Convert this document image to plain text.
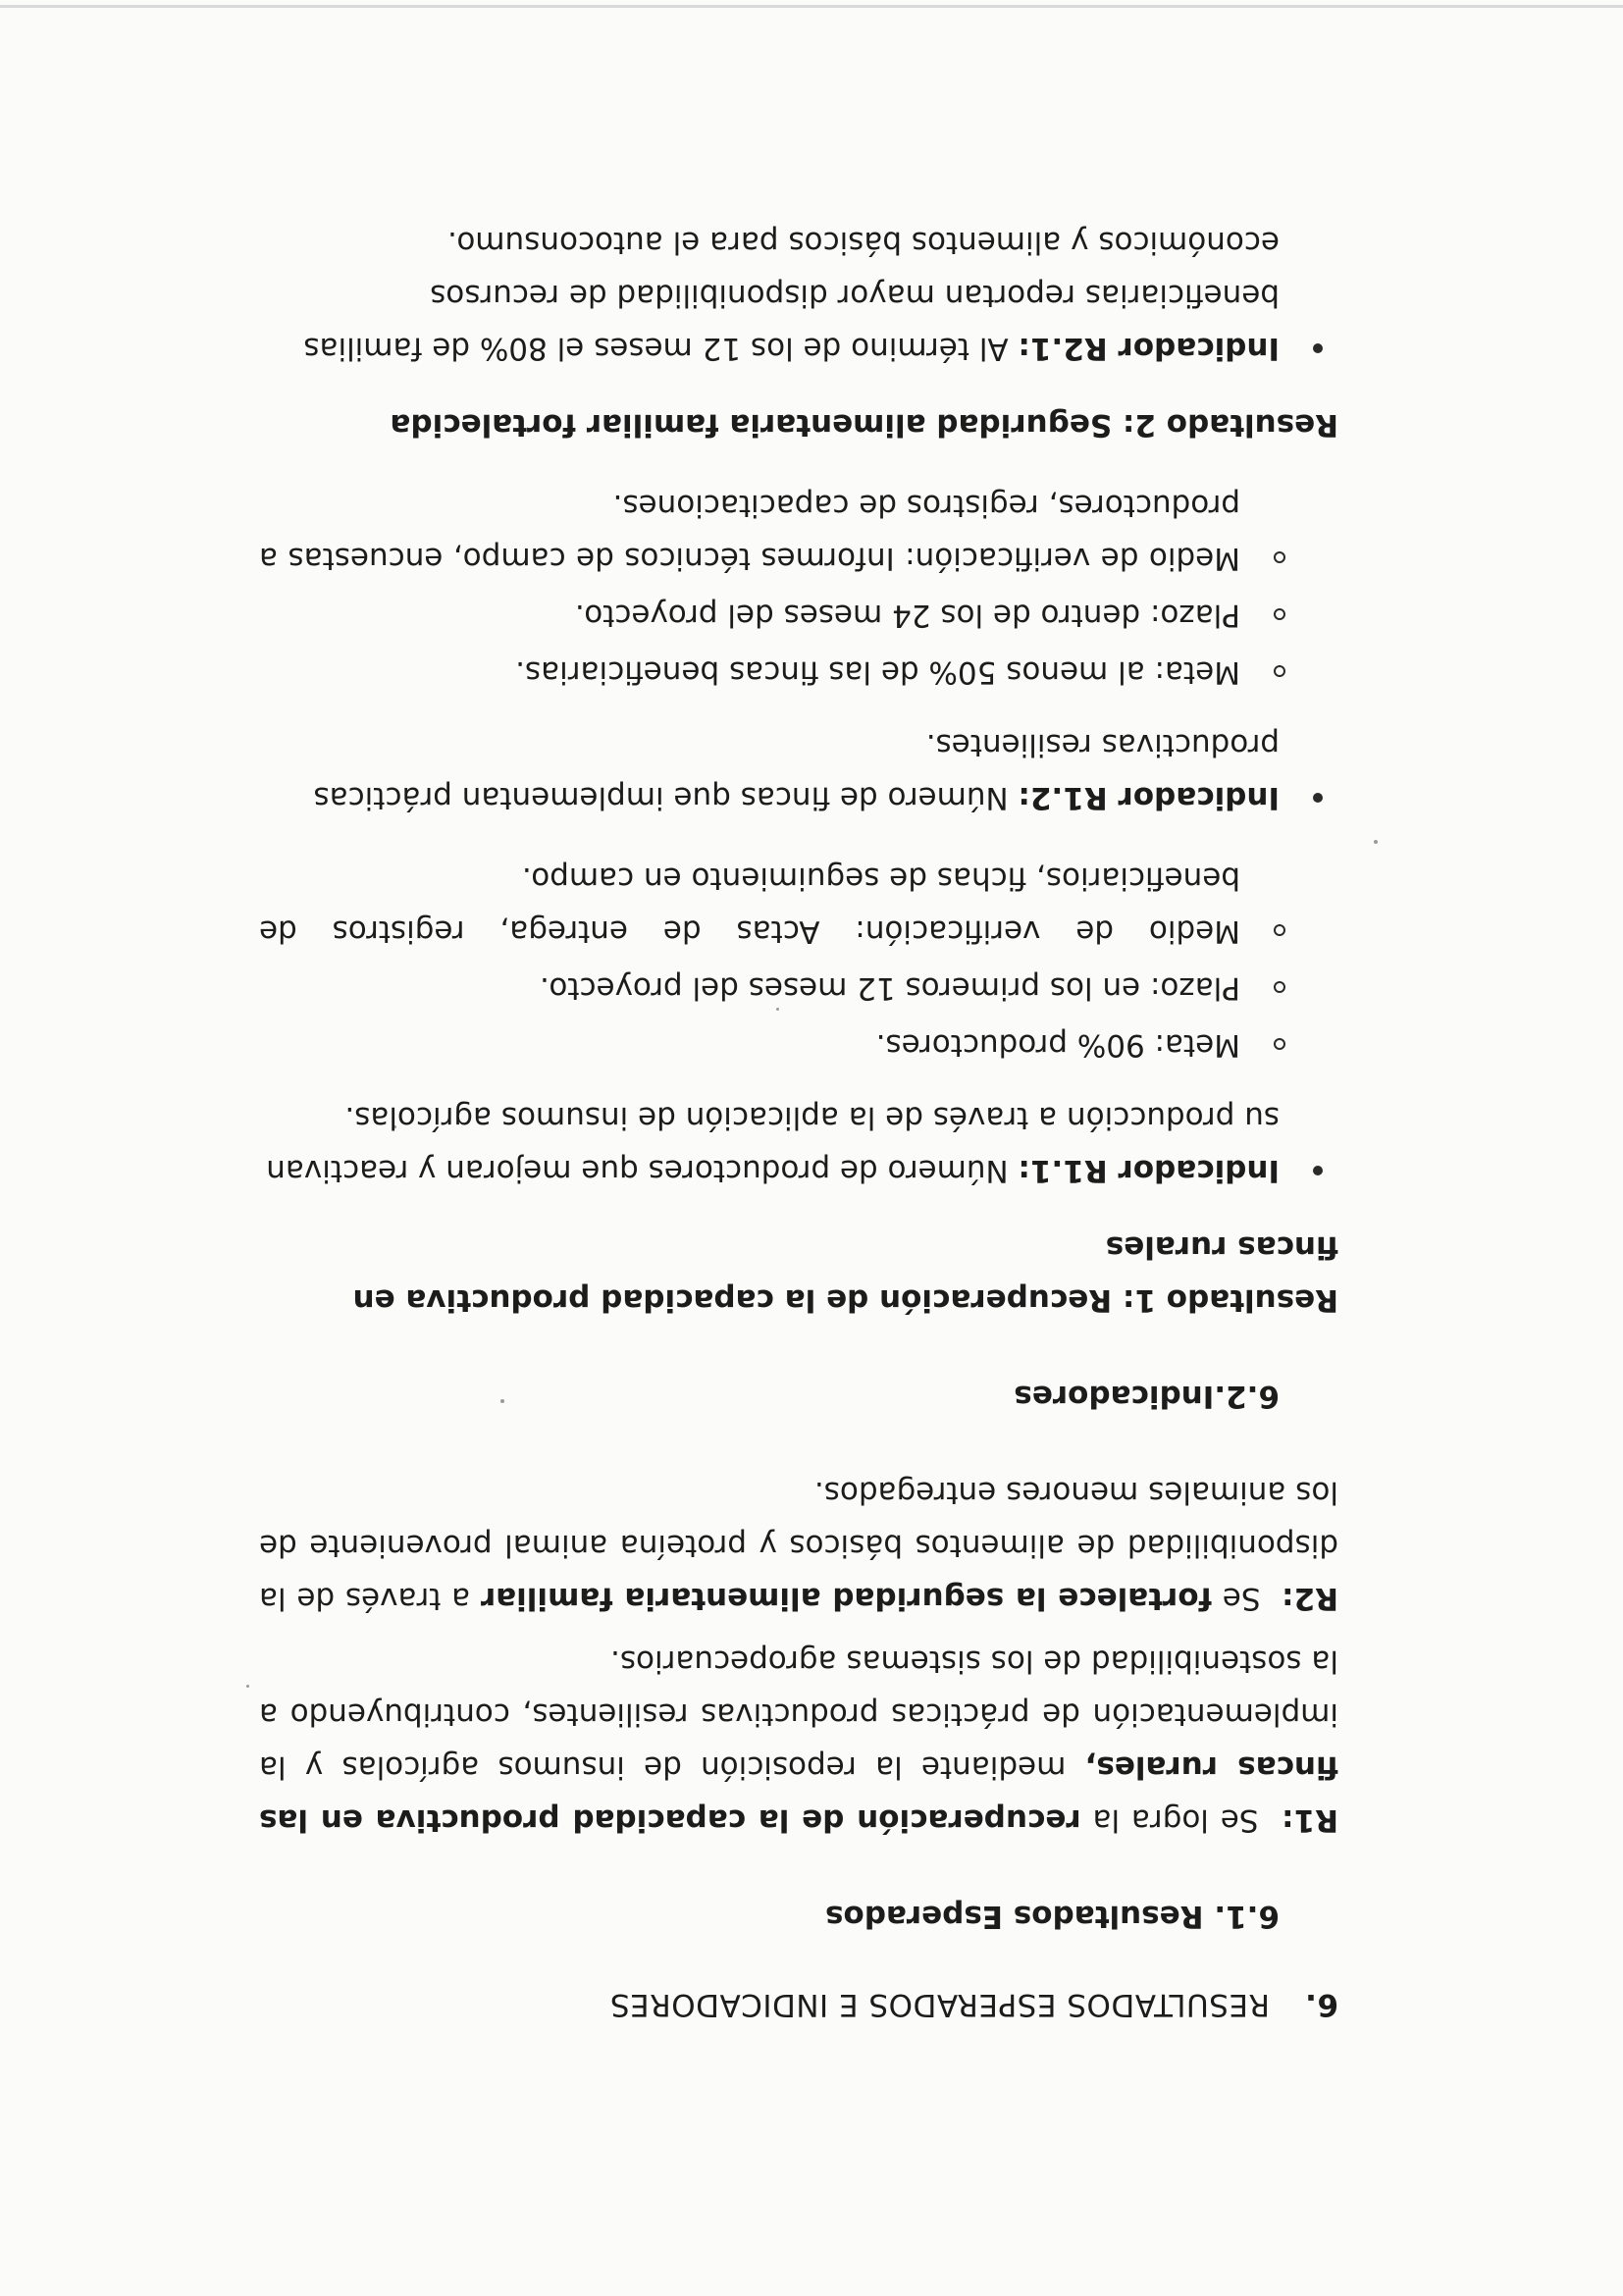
6.RESULTADOS ESPERADOS E INDICADORES
6.1. Resultados Esperados

R1:  Se logra la recuperación de la capacidad productiva en las fincas rurales, mediante la reposición de insumos agrícolas y la implementación de prácticas productivas resilientes, contribuyendo a la sostenibilidad de los sistemas agropecuarios.

R2:  Se fortalece la seguridad alimentaria familiar a través de la disponibilidad de alimentos básicos y proteína animal proveniente de los animales menores entregados.

6.2.Indicadores
Resultado 1: Recuperación de la capacidad productiva en fincas rurales
Indicador R1.1: Número de productores que mejoran y reactivan su producción a través de la aplicación de insumos agrícolas.
Meta: 90% productores.
Plazo: en los primeros 12 meses del proyecto.
Medio de verificación: Actas de entrega, registros de beneficiarios, fichas de seguimiento en campo.
Indicador R1.2: Número de fincas que implementan prácticas productivas resilientes.
Meta: al menos 50% de las fincas beneficiarias.
Plazo: dentro de los 24 meses del proyecto.
Medio de verificación: Informes técnicos de campo, encuestas a productores, registros de capacitaciones.
Resultado 2: Seguridad alimentaria familiar fortalecida
Indicador R2.1: Al término de los 12 meses el 80% de familias beneficiarias reportan mayor disponibilidad de recursos económicos y alimentos básicos para el autoconsumo.
